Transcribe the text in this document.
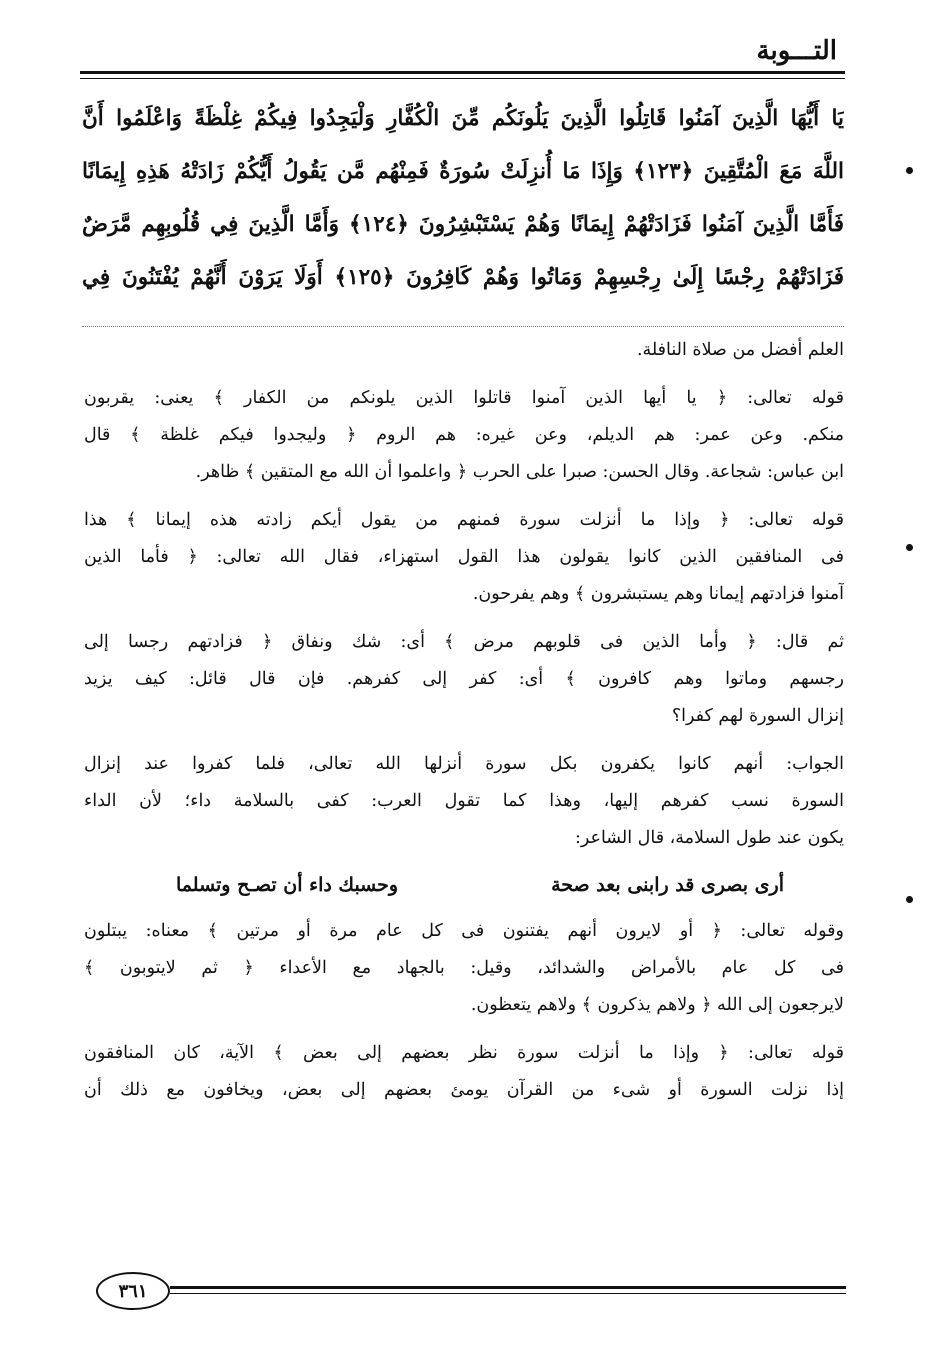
التـــوبة
يَا أَيُّهَا الَّذِينَ آمَنُوا قَاتِلُوا الَّذِينَ يَلُونَكُم مِّنَ الْكُفَّارِ وَلْيَجِدُوا فِيكُمْ غِلْظَةً وَاعْلَمُوا أَنَّ
اللَّهَ مَعَ الْمُتَّقِينَ ﴿١٢٣﴾ وَإِذَا مَا أُنزِلَتْ سُورَةٌ فَمِنْهُم مَّن يَقُولُ أَيُّكُمْ زَادَتْهُ هَذِهِ إِيمَانًا
فَأَمَّا الَّذِينَ آمَنُوا فَزَادَتْهُمْ إِيمَانًا وَهُمْ يَسْتَبْشِرُونَ ﴿١٢٤﴾ وَأَمَّا الَّذِينَ فِي قُلُوبِهِم مَّرَضٌ
فَزَادَتْهُمْ رِجْسًا إِلَىٰ رِجْسِهِمْ وَمَاتُوا وَهُمْ كَافِرُونَ ﴿١٢٥﴾ أَوَلَا يَرَوْنَ أَنَّهُمْ يُفْتَنُونَ فِي
العلم أفضل من صلاة النافلة.
قوله تعالى: ﴿ يا أيها الذين آمنوا قاتلوا الذين يلونكم من الكفار ﴾ يعنى: يقربون
منكم. وعن عمر: هم الديلم، وعن غيره: هم الروم ﴿ وليجدوا فيكم غلظة ﴾ قال
ابن عباس: شجاعة. وقال الحسن: صبرا على الحرب ﴿ واعلموا أن الله مع المتقين ﴾ ظاهر.
قوله تعالى: ﴿ وإذا ما أنزلت سورة فمنهم من يقول أيكم زادته هذه إيمانا ﴾ هذا
فى المنافقين الذين كانوا يقولون هذا القول استهزاء، فقال الله تعالى: ﴿ فأما الذين
آمنوا فزادتهم إيمانا وهم يستبشرون ﴾ وهم يفرحون.
ثم قال: ﴿ وأما الذين فى قلوبهم مرض ﴾ أى: شك ونفاق ﴿ فزادتهم رجسا إلى
رجسهم وماتوا وهم كافرون ﴾ أى: كفر إلى كفرهم. فإن قال قائل: كيف يزيد
إنزال السورة لهم كفرا؟
الجواب: أنهم كانوا يكفرون بكل سورة أنزلها الله تعالى، فلما كفروا عند إنزال
السورة نسب كفرهم إليها، وهذا كما تقول العرب: كفى بالسلامة داء؛ لأن الداء
يكون عند طول السلامة، قال الشاعر:
أرى بصرى قد رابنى بعد صحة
وحسبك داء أن تصـح وتسلما
وقوله تعالى: ﴿ أو لايرون أنهم يفتنون فى كل عام مرة أو مرتين ﴾ معناه: يبتلون
فى كل عام بالأمراض والشدائد، وقيل: بالجهاد مع الأعداء ﴿ ثم لايتوبون ﴾
لايرجعون إلى الله ﴿ ولاهم يذكرون ﴾ ولاهم يتعظون.
قوله تعالى: ﴿ وإذا ما أنزلت سورة نظر بعضهم إلى بعض ﴾ الآية، كان المنافقون
إذا نزلت السورة أو شىء من القرآن يومئ بعضهم إلى بعض، ويخافون مع ذلك أن
٣٦١
